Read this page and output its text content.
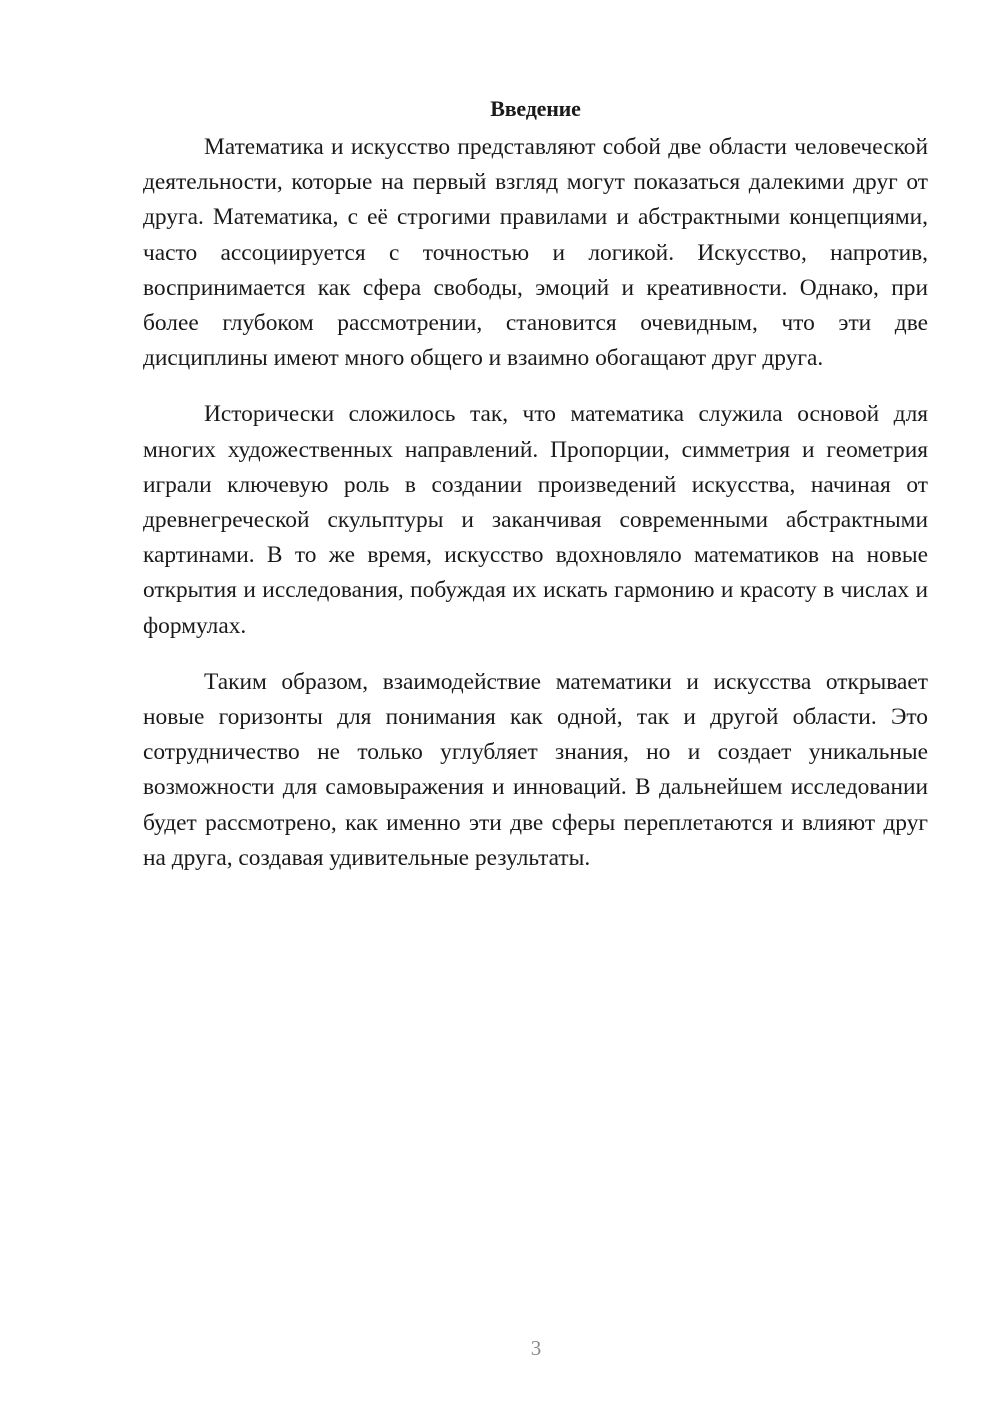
Введение

Математика и искусство представляют собой две области человеческой деятельности, которые на первый взгляд могут показаться далекими друг от друга. Математика, с её строгими правилами и абстрактными концепциями, часто ассоциируется с точностью и логикой. Искусство, напротив, воспринимается как сфера свободы, эмоций и креативности. Однако, при более глубоком рассмотрении, становится очевидным, что эти две дисциплины имеют много общего и взаимно обогащают друг друга.

Исторически сложилось так, что математика служила основой для многих художественных направлений. Пропорции, симметрия и геометрия играли ключевую роль в создании произведений искусства, начиная от древнегреческой скульптуры и заканчивая современными абстрактными картинами. В то же время, искусство вдохновляло математиков на новые открытия и исследования, побуждая их искать гармонию и красоту в числах и формулах.

Таким образом, взаимодействие математики и искусства открывает новые горизонты для понимания как одной, так и другой области. Это сотрудничество не только углубляет знания, но и создает уникальные возможности для самовыражения и инноваций. В дальнейшем исследовании будет рассмотрено, как именно эти две сферы переплетаются и влияют друг на друга, создавая удивительные результаты.

3
